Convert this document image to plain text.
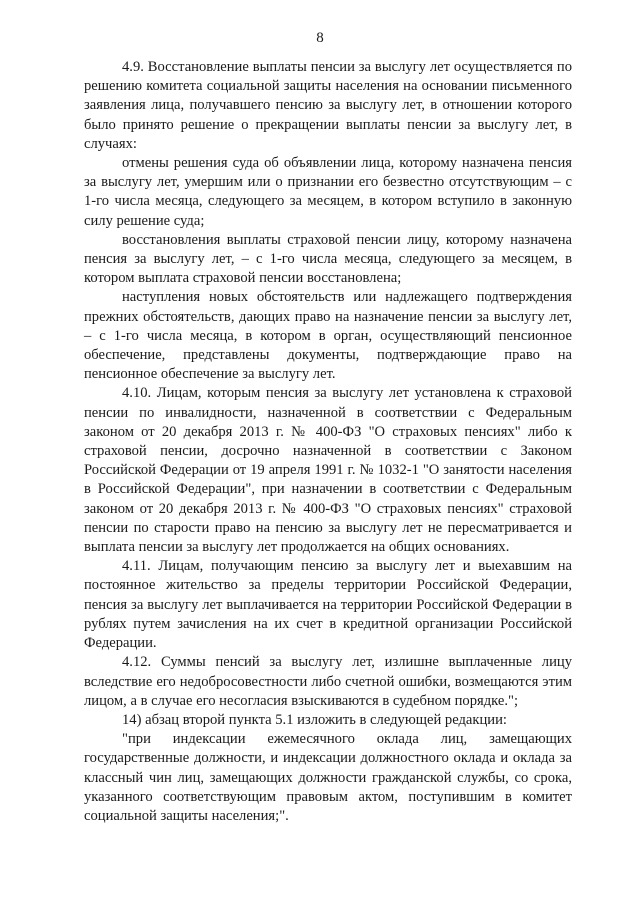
8

4.9. Восстановление выплаты пенсии за выслугу лет осуществляется по решению комитета социальной защиты населения на основании письменного заявления лица, получавшего пенсию за выслугу лет, в отношении которого было принято решение о прекращении выплаты пенсии за выслугу лет, в случаях:

отмены решения суда об объявлении лица, которому назначена пенсия за выслугу лет, умершим или о признании его безвестно отсутствующим – с 1-го числа месяца, следующего за месяцем, в котором вступило в законную силу решение суда;

восстановления выплаты страховой пенсии лицу, которому назначена пенсия за выслугу лет, – с 1-го числа месяца, следующего за месяцем, в котором выплата страховой пенсии восстановлена;

наступления новых обстоятельств или надлежащего подтверждения прежних обстоятельств, дающих право на назначение пенсии за выслугу лет, – с 1-го числа месяца, в котором в орган, осуществляющий пенсионное обеспечение, представлены документы, подтверждающие право на пенсионное обеспечение за выслугу лет.

4.10. Лицам, которым пенсия за выслугу лет установлена к страховой пенсии по инвалидности, назначенной в соответствии с Федеральным законом от 20 декабря 2013 г. № 400-ФЗ "О страховых пенсиях" либо к страховой пенсии, досрочно назначенной в соответствии с Законом Российской Федерации от 19 апреля 1991 г. № 1032-1 "О занятости населения в Российской Федерации", при назначении в соответствии с Федеральным законом от 20 декабря 2013 г. № 400-ФЗ "О страховых пенсиях" страховой пенсии по старости право на пенсию за выслугу лет не пересматривается и выплата пенсии за выслугу лет продолжается на общих основаниях.

4.11. Лицам, получающим пенсию за выслугу лет и выехавшим на постоянное жительство за пределы территории Российской Федерации, пенсия за выслугу лет выплачивается на территории Российской Федерации в рублях путем зачисления на их счет в кредитной организации Российской Федерации.

4.12. Суммы пенсий за выслугу лет, излишне выплаченные лицу вследствие его недобросовестности либо счетной ошибки, возмещаются этим лицом, а в случае его несогласия взыскиваются в судебном порядке.";

14) абзац второй пункта 5.1 изложить в следующей редакции:

"при индексации ежемесячного оклада лиц, замещающих государственные должности, и индексации должностного оклада и оклада за классный чин лиц, замещающих должности гражданской службы, со срока, указанного соответствующим правовым актом, поступившим в комитет социальной защиты населения;".
